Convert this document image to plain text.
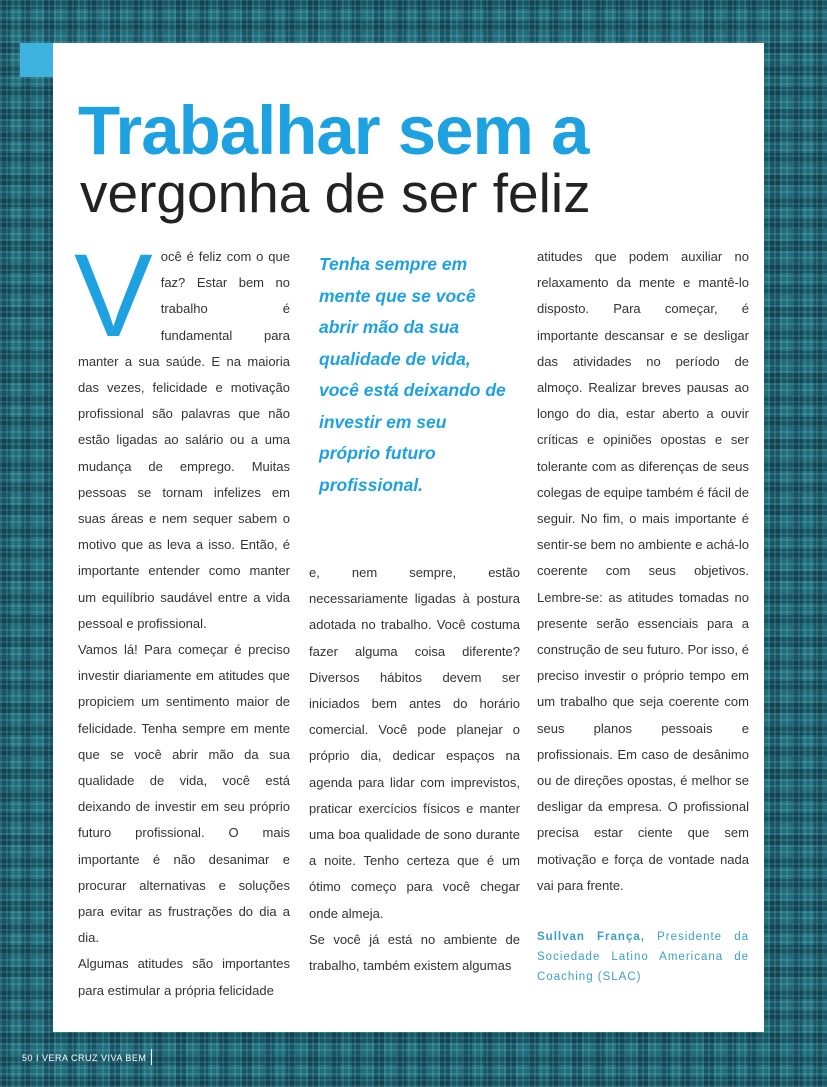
Trabalhar sem a
vergonha de ser feliz

Você é feliz com o que faz? Estar bem no trabalho é fundamental para manter a sua saúde. E na maioria das vezes, felicidade e motivação profissional são palavras que não estão ligadas ao salário ou a uma mudança de emprego. Muitas pessoas se tornam infelizes em suas áreas e nem sequer sabem o motivo que as leva a isso. Então, é importante entender como manter um equilíbrio saudável entre a vida pessoal e profissional.

Vamos lá! Para começar é preciso investir diariamente em atitudes que propiciem um sentimento maior de felicidade. Tenha sempre em mente que se você abrir mão da sua qualidade de vida, você está deixando de investir em seu próprio futuro profissional. O mais importante é não desanimar e procurar alternativas e soluções para evitar as frustrações do dia a dia.

Algumas atitudes são importantes para estimular a própria felicidade

Tenha sempre em mente que se você abrir mão da sua qualidade de vida, você está deixando de investir em seu próprio futuro profissional.

e, nem sempre, estão necessariamente ligadas à postura adotada no trabalho. Você costuma fazer alguma coisa diferente? Diversos hábitos devem ser iniciados bem antes do horário comercial. Você pode planejar o próprio dia, dedicar espaços na agenda para lidar com imprevistos, praticar exercícios físicos e manter uma boa qualidade de sono durante a noite. Tenho certeza que é um ótimo começo para você chegar onde almeja.

Se você já está no ambiente de trabalho, também existem algumas

atitudes que podem auxiliar no relaxamento da mente e mantê-lo disposto. Para começar, é importante descansar e se desligar das atividades no período de almoço. Realizar breves pausas ao longo do dia, estar aberto a ouvir críticas e opiniões opostas e ser tolerante com as diferenças de seus colegas de equipe também é fácil de seguir. No fim, o mais importante é sentir-se bem no ambiente e achá-lo coerente com seus objetivos. Lembre-se: as atitudes tomadas no presente serão essenciais para a construção de seu futuro. Por isso, é preciso investir o próprio tempo em um trabalho que seja coerente com seus planos pessoais e profissionais. Em caso de desânimo ou de direções opostas, é melhor se desligar da empresa. O profissional precisa estar ciente que sem motivação e força de vontade nada vai para frente.

Sullvan França, Presidente da Sociedade Latino Americana de Coaching (SLAC)
50 I VERA CRUZ VIVA BEM
